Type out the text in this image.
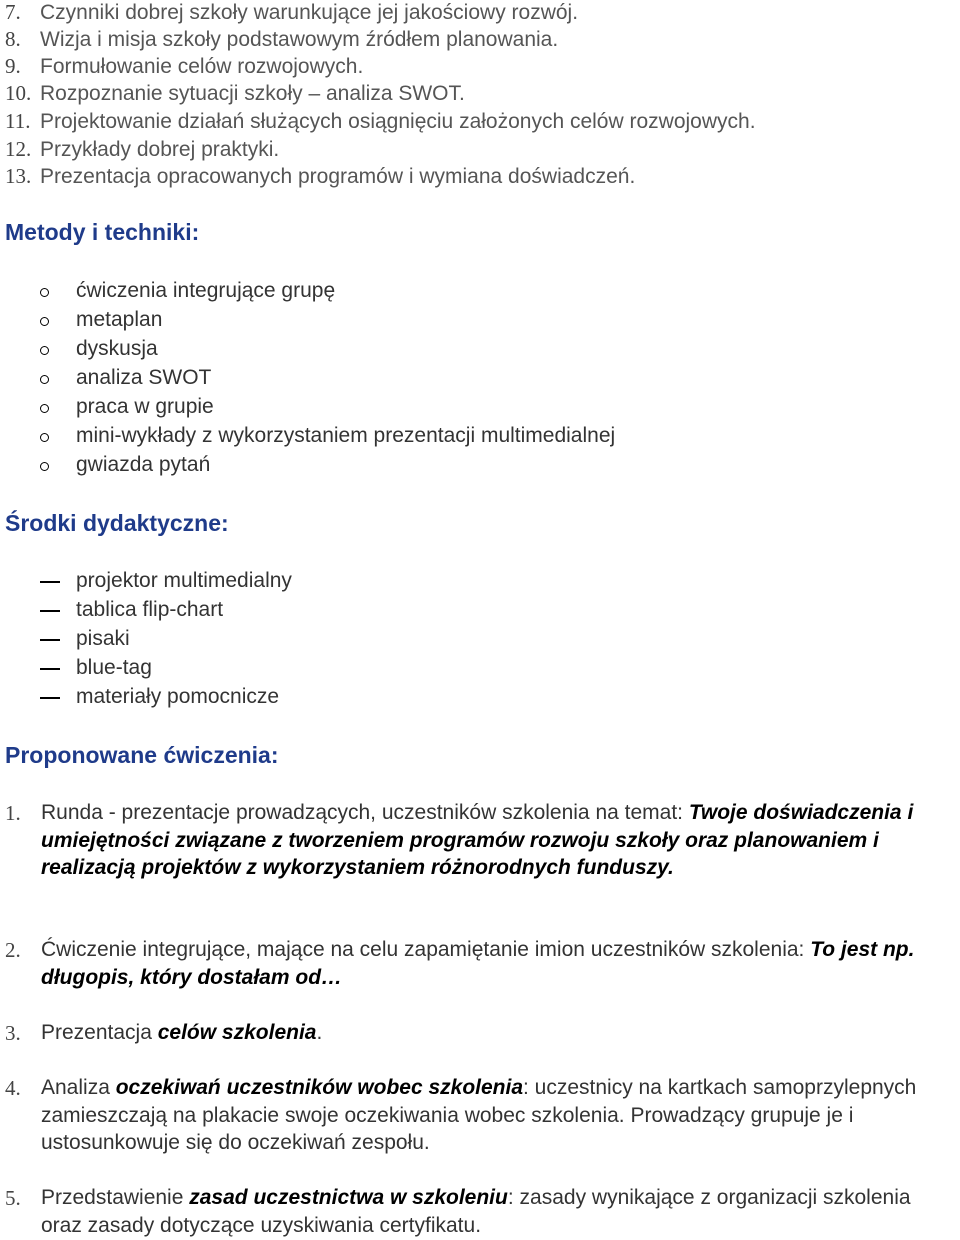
7. Czynniki dobrej szkoły warunkujące jej jakościowy rozwój.
8. Wizja i misja szkoły podstawowym źródłem planowania.
9. Formułowanie celów rozwojowych.
10. Rozpoznanie sytuacji szkoły – analiza SWOT.
11. Projektowanie działań służących osiągnięciu założonych celów rozwojowych.
12. Przykłady dobrej praktyki.
13. Prezentacja opracowanych programów i wymiana doświadczeń.
Metody i techniki:
ćwiczenia integrujące grupę
metaplan
dyskusja
analiza SWOT
praca w grupie
mini-wykłady z wykorzystaniem prezentacji multimedialnej
gwiazda pytań
Środki dydaktyczne:
projektor multimedialny
tablica flip-chart
pisaki
blue-tag
materiały pomocnicze
Proponowane ćwiczenia:
1. Runda - prezentacje prowadzących, uczestników szkolenia na temat: Twoje doświadczenia i umiejętności związane z tworzeniem programów rozwoju szkoły oraz planowaniem i realizacją projektów z wykorzystaniem różnorodnych funduszy.
2. Ćwiczenie integrujące, mające na celu zapamiętanie imion uczestników szkolenia: To jest np. długopis, który dostałam od…
3. Prezentacja celów szkolenia.
4. Analiza oczekiwań uczestników wobec szkolenia: uczestnicy na kartkach samoprzylepnych zamieszczają na plakacie swoje oczekiwania wobec szkolenia. Prowadzący grupuje je i ustosunkowuje się do oczekiwań zespołu.
5. Przedstawienie zasad uczestnictwa w szkoleniu: zasady wynikające z organizacji szkolenia oraz zasady dotyczące uzyskiwania certyfikatu.
